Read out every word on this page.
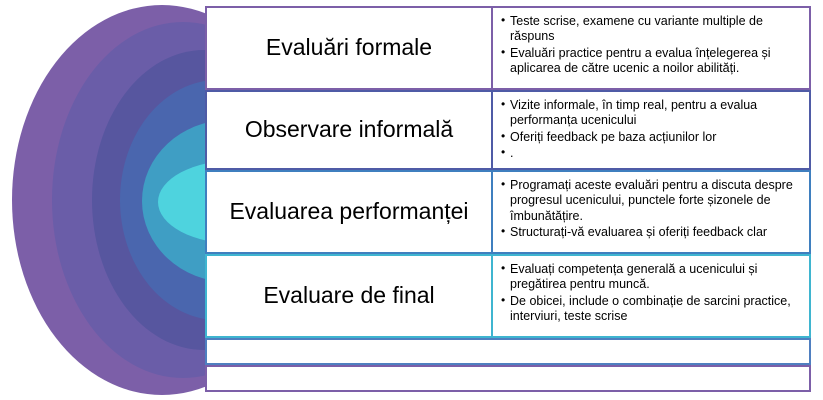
Evaluări formale
• Teste scrise, examene cu variante multiple de răspuns
• Evaluări practice pentru a evalua înțelegerea și aplicarea de către ucenic a noilor abilități.
Observare informală
• Vizite informale, în timp real, pentru a evalua performanța ucenicului
• Oferiți feedback pe baza acțiunilor lor
• .
Evaluarea performanței
• Programați aceste evaluări pentru a discuta despre progresul ucenicului, punctele forte șizonele de îmbunătățire.
• Structurați-vă evaluarea și oferiți feedback clar
Evaluare de final
• Evaluați competența generală a ucenicului și pregătirea pentru muncă.
• De obicei, include o combinație de sarcini practice, interviuri, teste scrise
